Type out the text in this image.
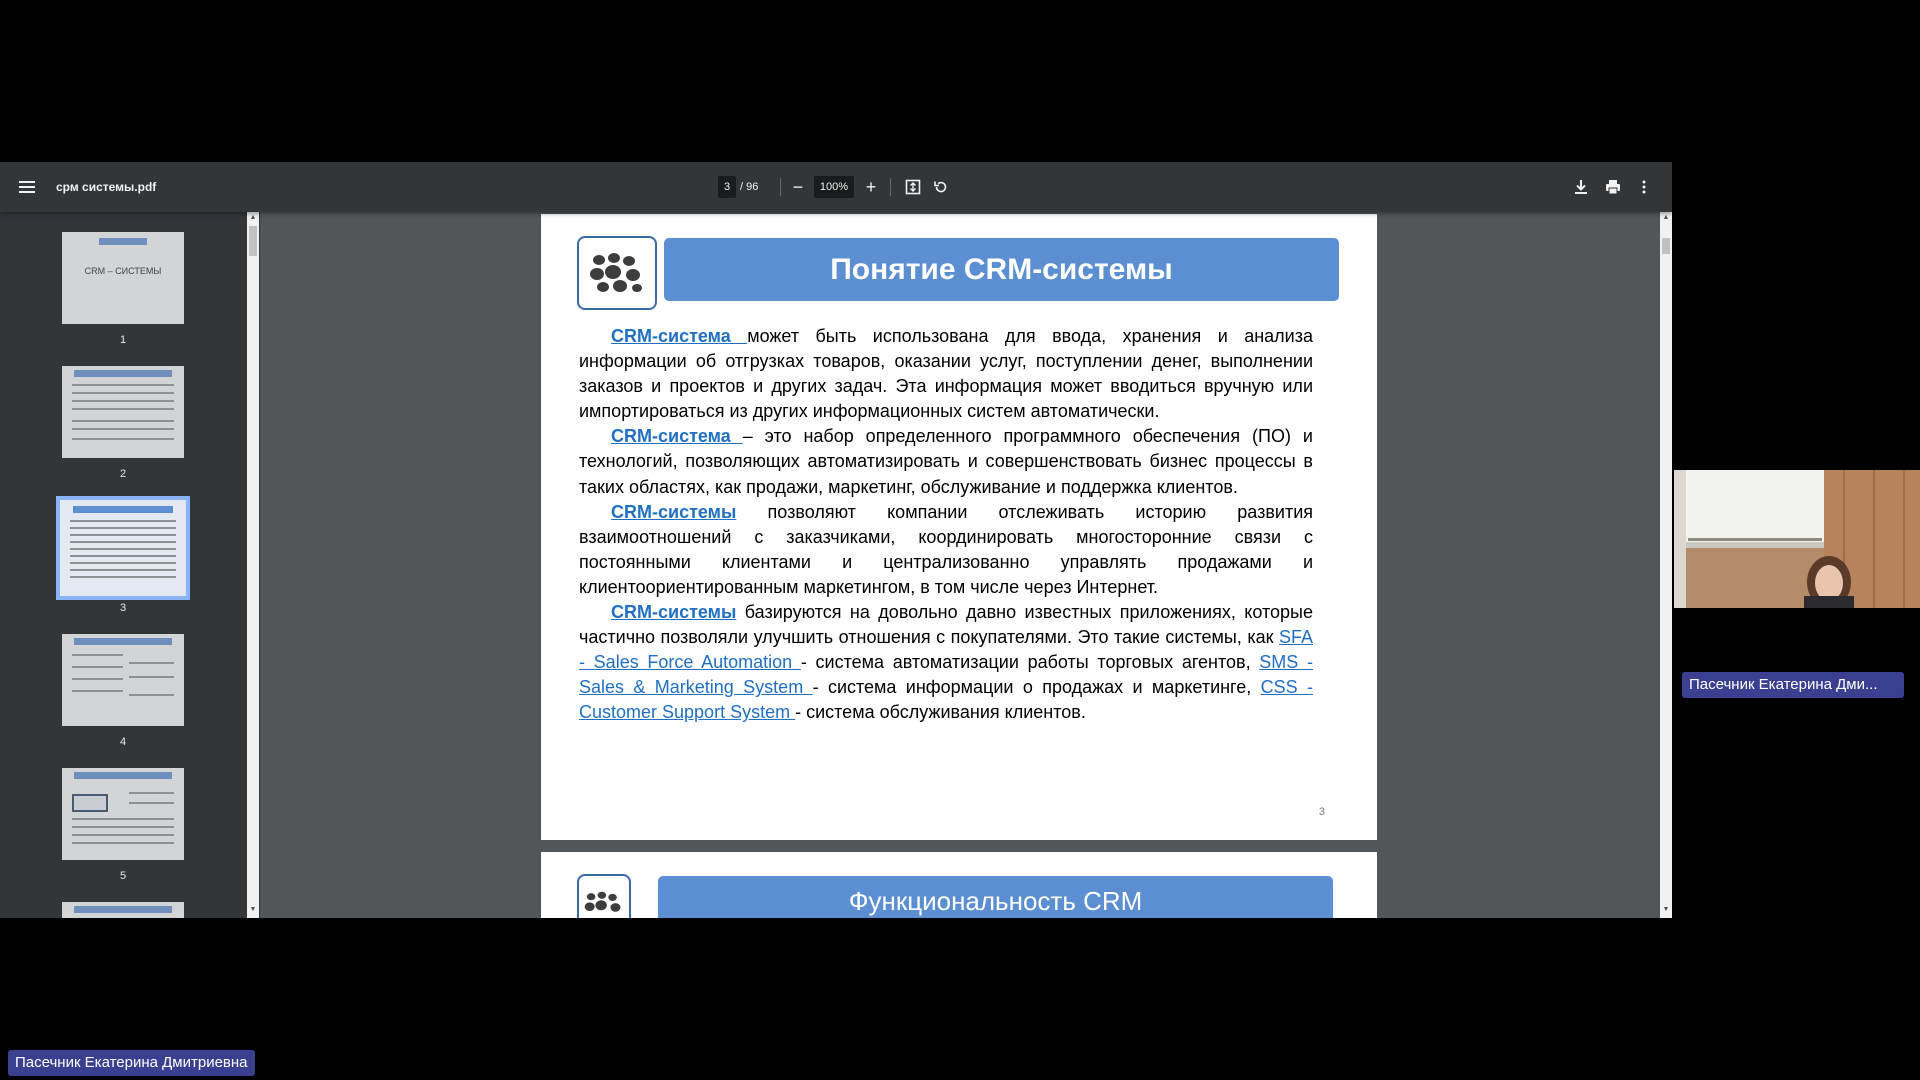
срм системы.pdf	3 / 96 −	100% +
CRM – СИСТЕМЫ
1
2
3
4
5
▲
▼
Понятие CRM-системы

CRM-система может быть использована для ввода, хранения и анализа информации об отгрузках товаров, оказании услуг, поступлении денег, выполнении заказов и проектов и других задач. Эта информация может вводиться вручную или импортироваться из других информационных систем автоматически.

CRM-система – это набор определенного программного обеспечения (ПО) и технологий, позволяющих автоматизировать и совершенствовать бизнес процессы в таких областях, как продажи, маркетинг, обслуживание и поддержка клиентов.

CRM-системы позволяют компании отслеживать историю развития взаимоотношений с заказчиками, координировать многосторонние связи с постоянными клиентами и централизованно управлять продажами и клиентоориентированным маркетингом, в том числе через Интернет.

CRM-системы базируются на довольно давно известных приложениях, которые частично позволяли улучшить отношения с покупателями. Это такие системы, как SFA - Sales Force Automation - система автоматизации работы торговых агентов, SMS - Sales & Marketing System - система информации о продажах и маркетинге, CSS - Customer Support System - система обслуживания клиентов.

3
Функциональность CRM
▲
▼
Пасечник Екатерина Дми...
Пасечник Екатерина Дмитриевна
